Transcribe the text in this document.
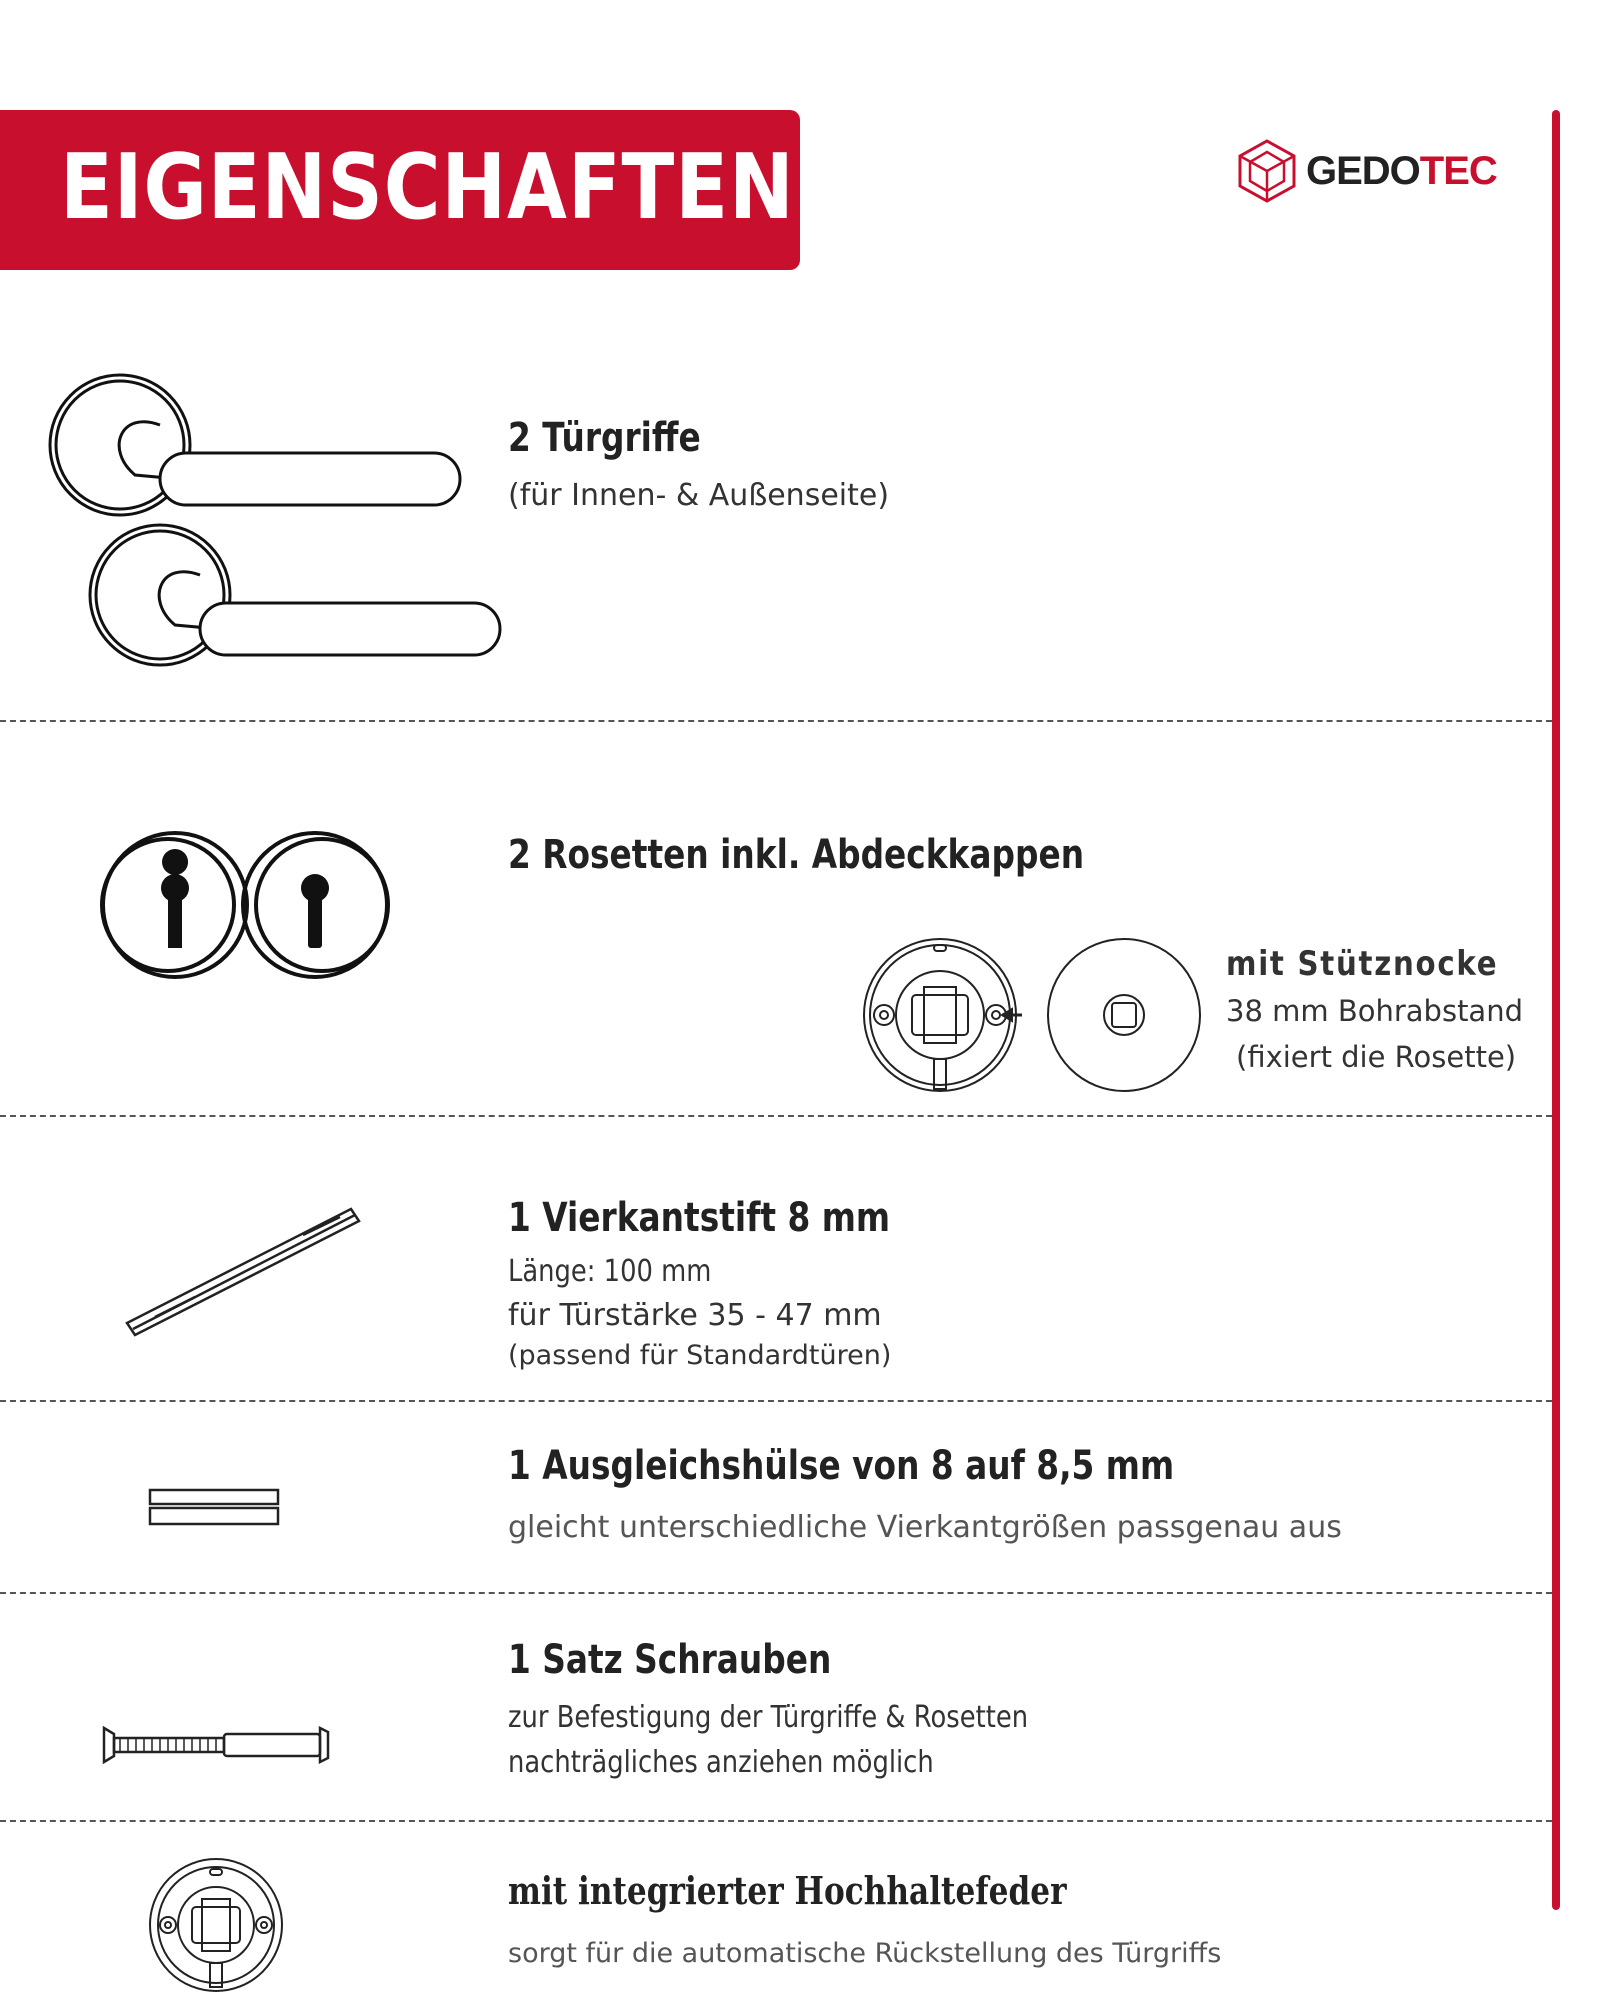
EIGENSCHAFTEN	GEDOTEC
2 Türgriffe

(für Innen- & Außenseite)

2 Rosetten inkl. Abdeckkappen

mit Stütznocke

38 mm Bohrabstand

(fixiert die Rosette)

1 Vierkantstift 8 mm

Länge: 100 mm

für Türstärke 35 - 47 mm

(passend für Standardtüren)

1 Ausgleichshülse von 8 auf 8,5 mm

gleicht unterschiedliche Vierkantgrößen passgenau aus

1 Satz Schrauben

zur Befestigung der Türgriffe & Rosetten

nachträgliches anziehen möglich

mit integrierter Hochhaltefeder

sorgt für die automatische Rückstellung des Türgriffs
